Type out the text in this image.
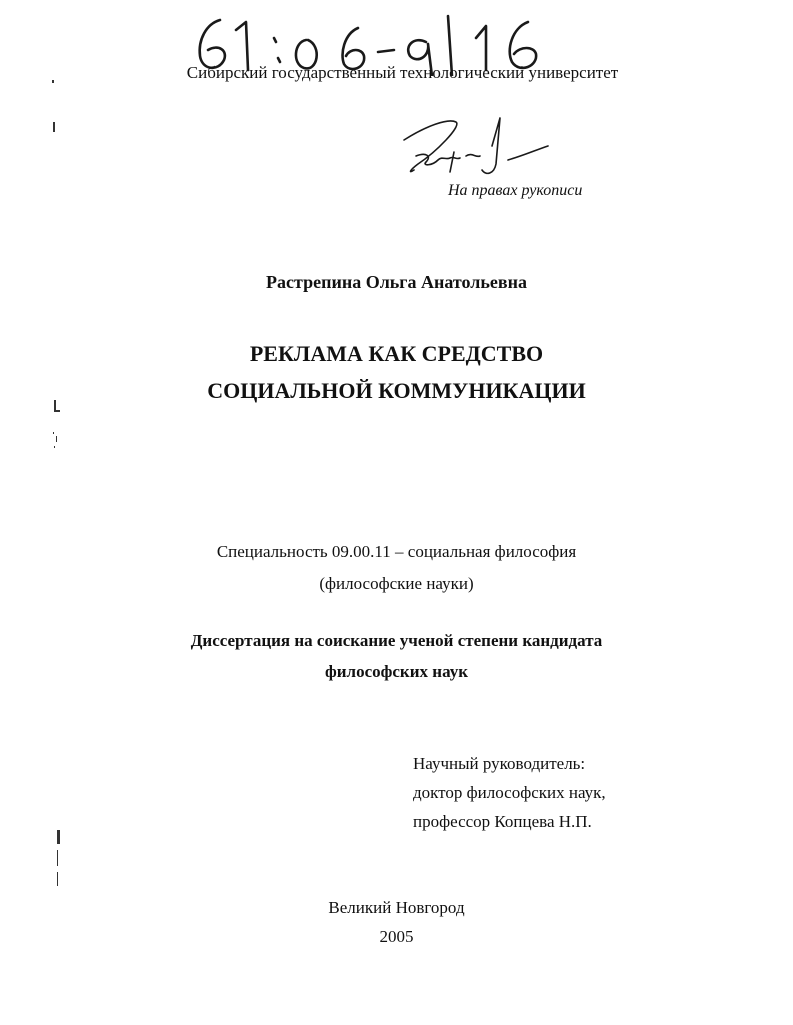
Сибирский государственный технологический университет
На правах рукописи
Растрепина Ольга Анатольевна
РЕКЛАМА КАК СРЕДСТВО
СОЦИАЛЬНОЙ КОММУНИКАЦИИ
Специальность 09.00.11 – социальная философия
(философские науки)
Диссертация на соискание ученой степени кандидата
философских наук
Научный руководитель:
доктор философских наук,
профессор Копцева Н.П.
Великий Новгород
2005
